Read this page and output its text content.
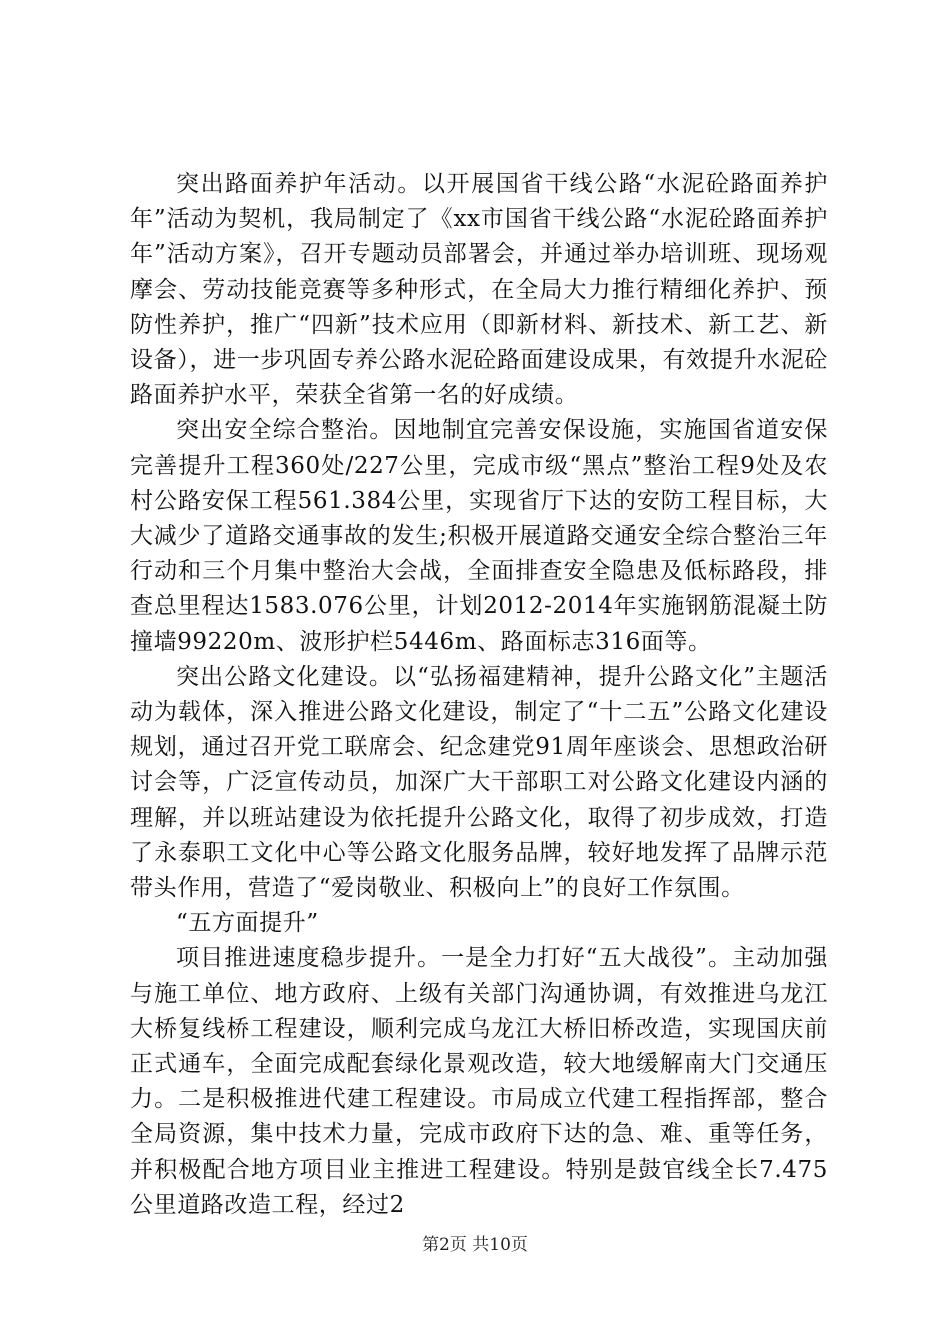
突出路面养护年活动。以开展国省干线公路“水泥砼路面养护年”活动为契机，我局制定了《xx市国省干线公路“水泥砼路面养护年”活动方案》，召开专题动员部署会，并通过举办培训班、现场观摩会、劳动技能竞赛等多种形式，在全局大力推行精细化养护、预防性养护，推广“四新”技术应用（即新材料、新技术、新工艺、新设备），进一步巩固专养公路水泥砼路面建设成果，有效提升水泥砼路面养护水平，荣获全省第一名的好成绩。

突出安全综合整治。因地制宜完善安保设施，实施国省道安保完善提升工程360处/227公里，完成市级“黑点”整治工程9处及农村公路安保工程561.384公里，实现省厅下达的安防工程目标，大大减少了道路交通事故的发生;积极开展道路交通安全综合整治三年行动和三个月集中整治大会战，全面排查安全隐患及低标路段，排查总里程达1583.076公里，计划2012-2014年实施钢筋混凝土防撞墙99220m、波形护栏5446m、路面标志316面等。

突出公路文化建设。以“弘扬福建精神，提升公路文化”主题活动为载体，深入推进公路文化建设，制定了“十二五”公路文化建设规划，通过召开党工联席会、纪念建党91周年座谈会、思想政治研讨会等，广泛宣传动员，加深广大干部职工对公路文化建设内涵的理解，并以班站建设为依托提升公路文化，取得了初步成效，打造了永泰职工文化中心等公路文化服务品牌，较好地发挥了品牌示范带头作用，营造了“爱岗敬业、积极向上”的良好工作氛围。

“五方面提升”

项目推进速度稳步提升。一是全力打好“五大战役”。主动加强与施工单位、地方政府、上级有关部门沟通协调，有效推进乌龙江大桥复线桥工程建设，顺利完成乌龙江大桥旧桥改造，实现国庆前正式通车，全面完成配套绿化景观改造，较大地缓解南大门交通压力。二是积极推进代建工程建设。市局成立代建工程指挥部，整合全局资源，集中技术力量，完成市政府下达的急、难、重等任务，并积极配合地方项目业主推进工程建设。特别是鼓官线全长7.475公里道路改造工程，经过2

第2页 共10页
